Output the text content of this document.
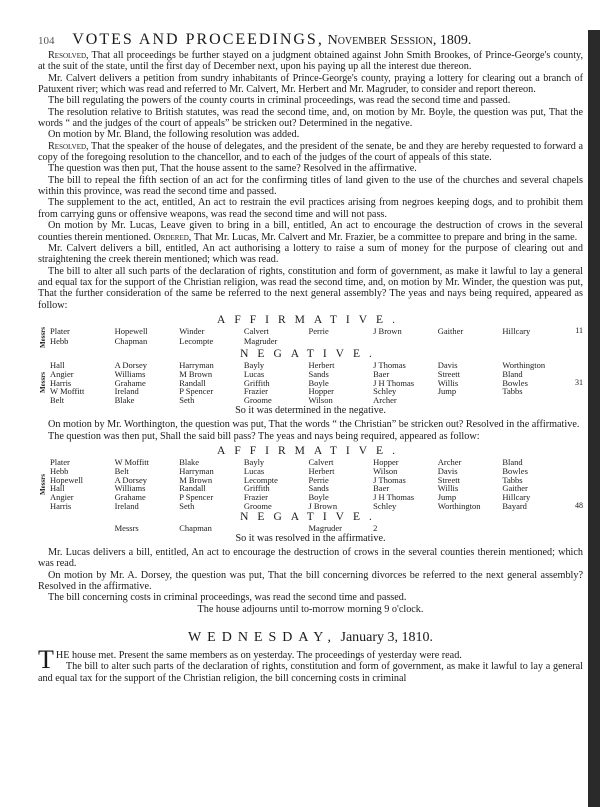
104 VOTES AND PROCEEDINGS, November Session, 1809.

Resolved, That all proceedings be further stayed on a judgment obtained against John Smith Brookes, of Prince-George's county, at the suit of the state, until the first day of December next, upon his paying up all the interest due thereon.

Mr. Calvert delivers a petition from sundry inhabitants of Prince-George's county, praying a lottery for clearing out a branch of Patuxent river; which was read and referred to Mr. Calvert, Mr. Herbert and Mr. Magruder, to consider and report thereon.

The bill regulating the powers of the county courts in criminal proceedings, was read the second time and passed.

The resolution relative to British statutes, was read the second time, and, on motion by Mr. Boyle, the question was put, That the words “ and the judges of the court of appeals” be stricken out? Determined in the negative.

On motion by Mr. Bland, the following resolution was added.

Resolved, That the speaker of the house of delegates, and the president of the senate, be and they are hereby requested to forward a copy of the foregoing resolution to the chancellor, and to each of the judges of the court of appeals of this state.

The question was then put, That the house assent to the same? Resolved in the affirmative.

The bill to repeal the fifth section of an act for the confirming titles of land given to the use of the churches and several chapels within this province, was read the second time and passed.

The supplement to the act, entitled, An act to restrain the evil practices arising from negroes keeping dogs, and to prohibit them from carrying guns or offensive weapons, was read the second time and will not pass.

On motion by Mr. Lucas, Leave given to bring in a bill, entitled, An act to encourage the destruction of crows in the several counties therein mentioned. Ordered, That Mr. Lucas, Mr. Calvert and Mr. Frazier, be a committee to prepare and bring in the same.

Mr. Calvert delivers a bill, entitled, An act authorising a lottery to raise a sum of money for the purpose of clearing out and straightening the creek therein mentioned; which was read.

The bill to alter all such parts of the declaration of rights, constitution and form of government, as make it lawful to lay a general and equal tax for the support of the Christian religion, was read the second time, and, on motion by Mr. Winder, the question was put, That the further consideration of the same be referred to the next general assembly? The yeas and nays being required, appeared as follow:

AFFIRMATIVE.
Messrs	11
Plater	Hopewell	Winder	Calvert	Perrie	J Brown	Gaither	Hillcary
Hebb	Chapman	Lecompte	Magruder
NEGATIVE.
Messrs	31
Hall	A Dorsey	Harryman	Bayly	Herbert	J Thomas	Davis	Worthington
Angier	Williams	M Brown	Lucas	Sands	Baer	Streett	Bland
Harris	Grahame	Randall	Griffith	Boyle	J H Thomas	Willis	Bowles
W Moffitt	Ireland	P Spencer	Frazier	Hopper	Schley	Jump	Tabbs
Belt	Blake	Seth	Groome	Wilson	Archer

So it was determined in the negative.

On motion by Mr. Worthington, the question was put, That the words “ the Christian” be stricken out? Resolved in the affirmative.

The question was then put, Shall the said bill pass? The yeas and nays being required, appeared as follow:

AFFIRMATIVE.
Messrs
48
Plater	W Moffitt	Blake	Bayly	Calvert	Hopper	Archer	Bland
Hebb	Belt	Harryman	Lucas	Herbert	Wilson	Davis	Bowles
Hopewell	A Dorsey	M Brown	Lecompte	Perrie	J Thomas	Streett	Tabbs
Hall	Williams	Randall	Griffith	Sands	Baer	Willis	Gaither
Angier	Grahame	P Spencer	Frazier	Boyle	J H Thomas	Jump	Hillcary
Harris	Ireland	Seth	Groome	J Brown	Schley	Worthington	Bayard
NEGATIVE.
Messrs	Chapman	Magruder	2

So it was resolved in the affirmative.

Mr. Lucas delivers a bill, entitled, An act to encourage the destruction of crows in the several counties therein mentioned; which was read.

On motion by Mr. A. Dorsey, the question was put, That the bill concerning divorces be referred to the next general assembly? Resolved in the affirmative.

The bill concerning costs in criminal proceedings, was read the second time and passed.

The house adjourns until to-morrow morning 9 o'clock.

WEDNESDAY, January 3, 1810.
T HE house met. Present the same members as on yesterday. The proceedings of yesterday were read.

The bill to alter such parts of the declaration of rights, constitution and form of government, as make it lawful to lay a general and equal tax for the support of the Christian religion, the bill concerning costs in criminal
